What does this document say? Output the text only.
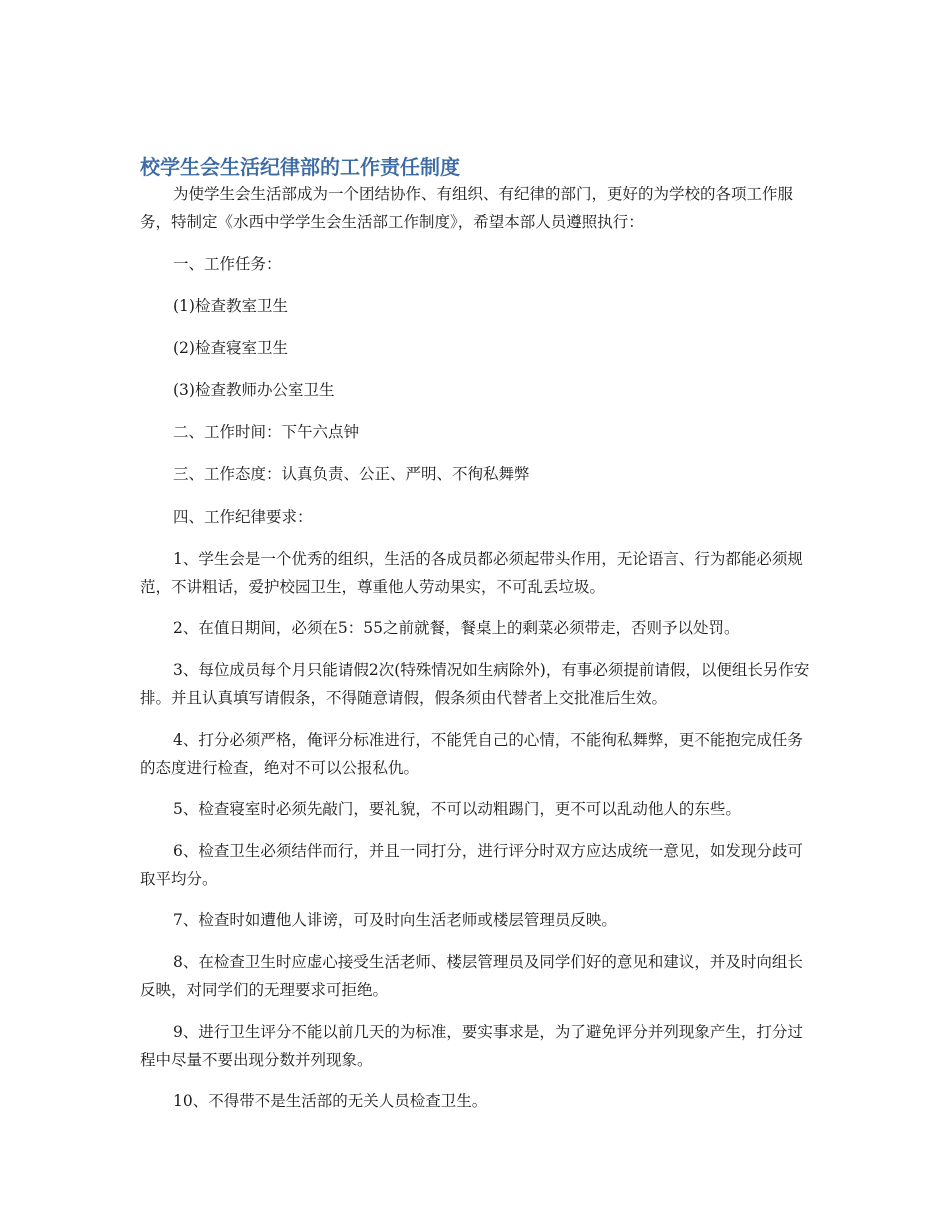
校学生会生活纪律部的工作责任制度

为使学生会生活部成为一个团结协作、有组织、有纪律的部门，更好的为学校的各项工作服务，特制定《水西中学学生会生活部工作制度》，希望本部人员遵照执行：

一、工作任务：

(1)检查教室卫生

(2)检查寝室卫生

(3)检查教师办公室卫生

二、工作时间：下午六点钟

三、工作态度：认真负责、公正、严明、不徇私舞弊

四、工作纪律要求：

1、学生会是一个优秀的组织，生活的各成员都必须起带头作用，无论语言、行为都能必须规范，不讲粗话，爱护校园卫生，尊重他人劳动果实，不可乱丢垃圾。

2、在值日期间，必须在5：55之前就餐，餐桌上的剩菜必须带走，否则予以处罚。

3、每位成员每个月只能请假2次(特殊情况如生病除外)，有事必须提前请假，以便组长另作安排。并且认真填写请假条，不得随意请假，假条须由代替者上交批准后生效。

4、打分必须严格，俺评分标准进行，不能凭自己的心情，不能徇私舞弊，更不能抱完成任务的态度进行检查，绝对不可以公报私仇。

5、检查寝室时必须先敲门，要礼貌，不可以动粗踢门，更不可以乱动他人的东些。

6、检查卫生必须结伴而行，并且一同打分，进行评分时双方应达成统一意见，如发现分歧可取平均分。

7、检查时如遭他人诽谤，可及时向生活老师或楼层管理员反映。

8、在检查卫生时应虚心接受生活老师、楼层管理员及同学们好的意见和建议，并及时向组长反映，对同学们的无理要求可拒绝。

9、进行卫生评分不能以前几天的为标准，要实事求是，为了避免评分并列现象产生，打分过程中尽量不要出现分数并列现象。

10、不得带不是生活部的无关人员检查卫生。
